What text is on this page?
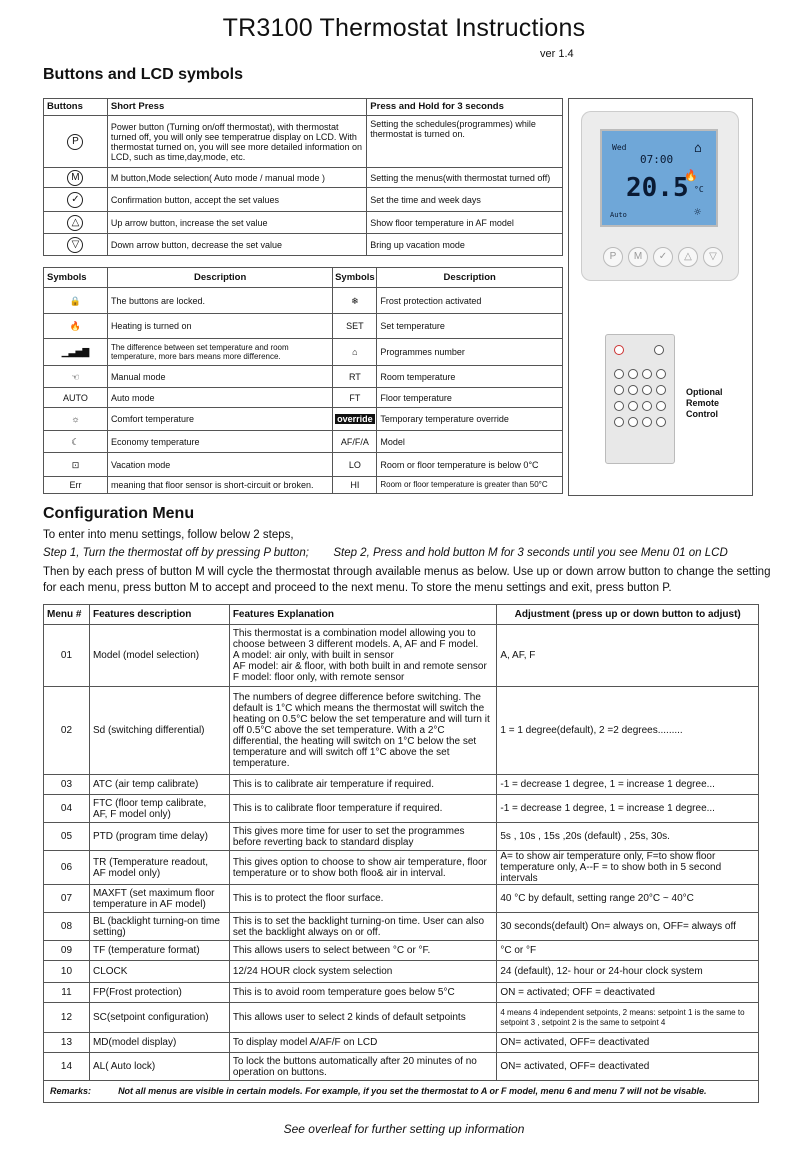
TR3100 Thermostat Instructions
ver 1.4
Buttons and LCD symbols
Buttons	Short Press	Press and Hold for 3 seconds
P	Power button (Turning on/off thermostat), with thermostat turned off, you will only see temperatrue display on LCD. With thermostat turned on, you will see more detailed information on LCD, such as time,day,mode, etc.	Setting the schedules(programmes) while thermostat is turned on.
M	M button,Mode selection( Auto mode / manual mode )	Setting the menus(with thermostat turned off)
✓	Confirmation button, accept the set values	Set the time and week days
△	Up arrow button, increase the set value	Show floor temperature in AF model
▽	Down arrow button, decrease the set value	Bring up vacation mode
Symbols	Description	Symbols	Description
🔒	The buttons are locked.	❄	Frost protection activated
🔥	Heating is turned on	SET	Set temperature
▁▃▅▇	The difference between set temperature and room temperature, more bars means more difference.	⌂	Programmes number
☜	Manual mode	RT	Room temperature
AUTO	Auto mode	FT	Floor temperature
☼	Comfort temperature	override	Temporary temperature override
☾	Economy temperature	AF/F/A	Model
⊡	Vacation mode	LO	Room or floor temperature is below 0°C
Err	meaning that floor sensor is short-circuit or broken.	HI	Room or floor temperature is greater than 50°C
Wed
07:00
⌂
🔥
20.5 °C
Auto	☼
P	M	✓	△	▽
Optional
Remote
Control
Configuration Menu
To enter into menu settings, follow below 2 steps,
Step 1, Turn the thermostat off by pressing P button; Step 2, Press and hold button M for 3 seconds until you see Menu 01 on LCD
Then by each press of button M will cycle the thermostat through available menus as below. Use up or down arrow button to change the setting for each menu, press button M to accept and proceed to the next menu. To store the menu settings and exit, press button P.
Menu #	Features description	Features Explanation	Adjustment (press up or down button to adjust)
01	Model (model selection)	This thermostat is a combination model allowing you to choose between 3 different models. A, AF and F model.
A model: air only, with built in sensor
AF model: air & floor, with both built in and remote sensor
F model: floor only, with remote sensor	A, AF, F
02	Sd (switching differential)	The numbers of degree difference before switching. The default is 1°C which means the thermostat will switch the heating on 0.5°C below the set temperature and will turn it off 0.5°C above the set temperature. With a 2°C differential, the heating will switch on 1°C below the set temperature and will switch off 1°C above the set temperature.	1 = 1 degree(default), 2 =2 degrees.........
03	ATC (air temp calibrate)	This is to calibrate air temperature if required.	-1 = decrease 1 degree, 1 = increase 1 degree...
04	FTC (floor temp calibrate,
AF, F model only)	This is to calibrate floor temperature if required.	-1 = decrease 1 degree, 1 = increase 1 degree...
05	PTD (program time delay)	This gives more time for user to set the programmes before reverting back to standard display	5s , 10s , 15s ,20s (default) , 25s, 30s.
06	TR (Temperature readout,
AF model only)	This gives option to choose to show air temperature, floor temperature or to show both floo& air in interval.	A= to show air temperature only, F=to show floor temperature only, A--F = to show both in 5 second intervals
07	MAXFT (set maximum floor temperature in AF model)	This is to protect the floor surface.	40 °C by default, setting range 20°C ~ 40°C
08	BL (backlight turning-on time setting)	This is to set the backlight turning-on time. User can also set the backlight always on or off.	30 seconds(default) On= always on, OFF= always off
09	TF (temperature format)	This allows users to select between °C or °F.	°C or °F
10	CLOCK	12/24 HOUR clock system selection	24 (default), 12- hour or 24-hour clock system
11	FP(Frost protection)	This is to avoid room temperature goes below 5°C	ON = activated; OFF = deactivated
12	SC(setpoint configuration)	This allows user to select 2 kinds of default setpoints	4 means 4 independent setpoints, 2 means: setpoint 1 is the same to setpoint 3 , setpoint 2 is the same to setpoint 4
13	MD(model display)	To display model A/AF/F on LCD	ON= activated, OFF= deactivated
14	AL( Auto lock)	To lock the buttons automatically after 20 minutes of no operation on buttons.	ON= activated, OFF= deactivated
Remarks: Not all menus are visible in certain models. For example, if you set the thermostat to A or F model, menu 6 and menu 7 will not be visable.			
See overleaf for further setting up information
